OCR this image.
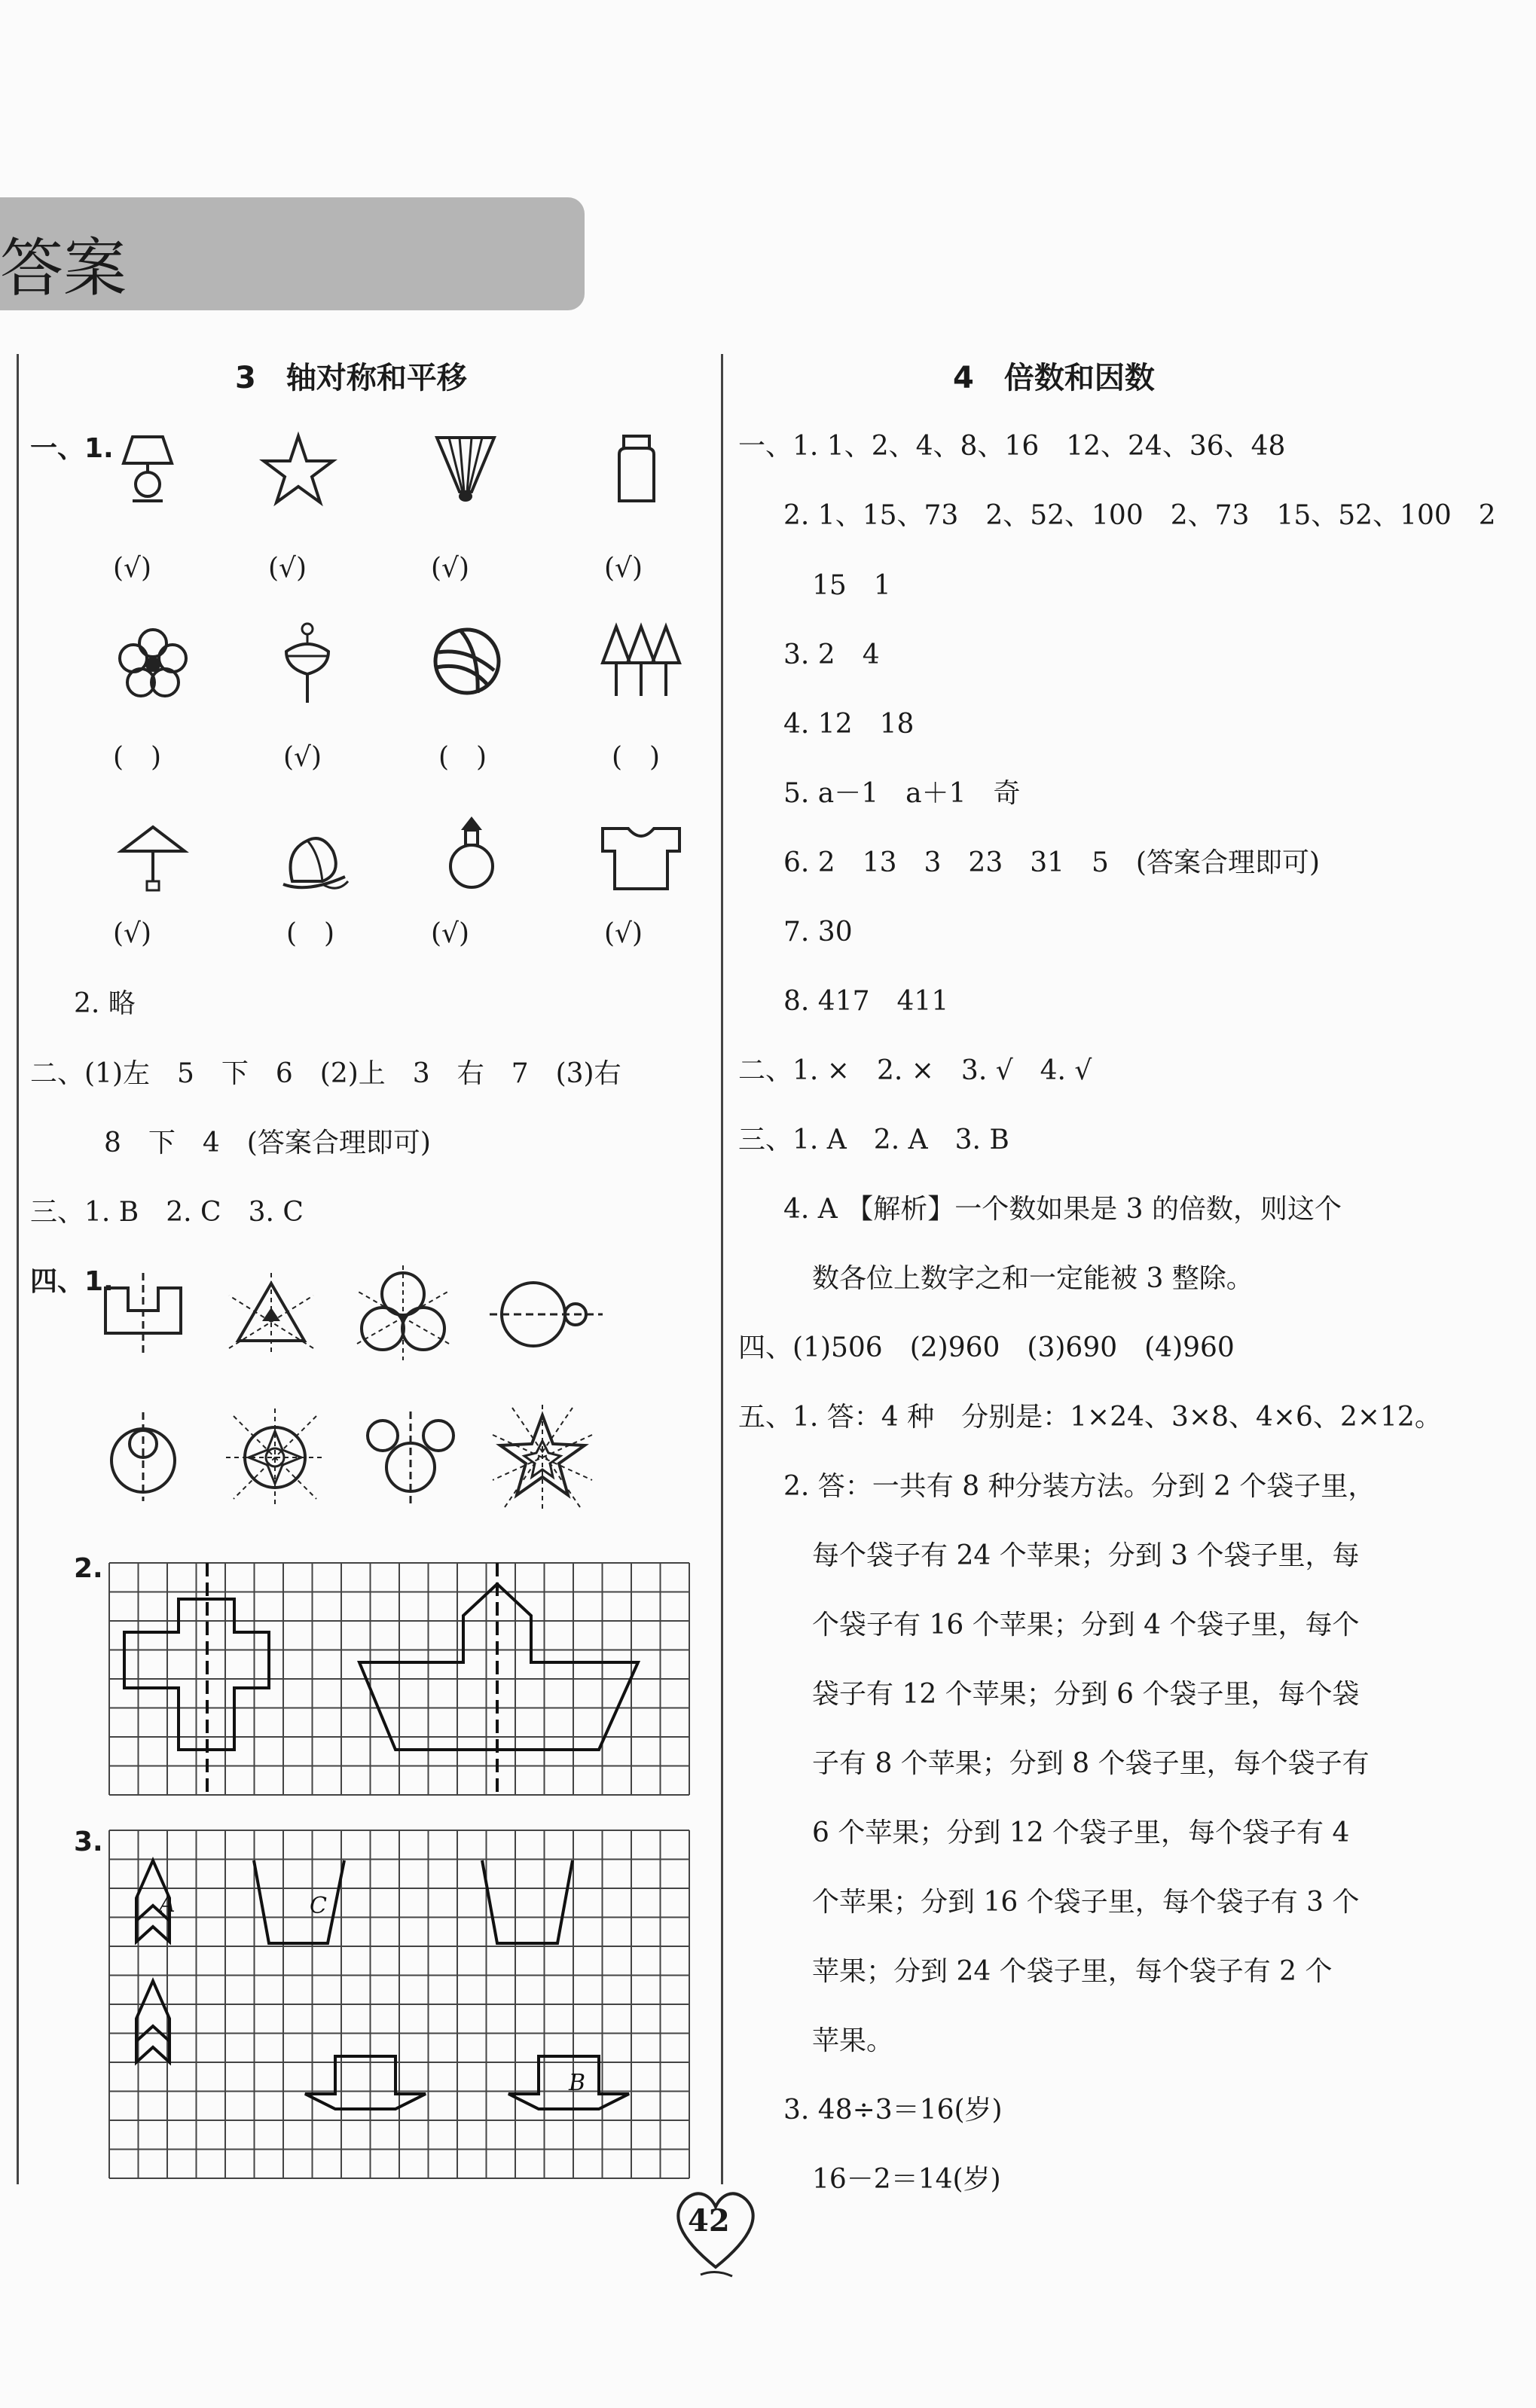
答案
3　轴对称和平移
一、1.
(√)	(√)	(√)	(√)
(　)	(√)	(　)	(　)
(√)	(　)	(√)	(√)
2. 略
二、(1)左　5　下　6　(2)上　3　右　7　(3)右
8　下　4　(答案合理即可)
三、1. B　2. C　3. C
四、1.
2.
3.
A	C
B
4　倍数和因数
一、1. 1、2、4、8、16　12、24、36、48
2. 1、15、73　2、52、100　2、73　15、52、100　2
15　1
3. 2　4
4. 12　18
5. a－1　a＋1　奇
6. 2　13　3　23　31　5　(答案合理即可)
7. 30
8. 417　411
二、1. ×　2. ×　3. √　4. √
三、1. A　2. A　3. B
4. A 【解析】一个数如果是 3 的倍数，则这个
数各位上数字之和一定能被 3 整除。
四、(1)506　(2)960　(3)690　(4)960
五、1. 答：4 种　分别是：1×24、3×8、4×6、2×12。
2. 答：一共有 8 种分装方法。分到 2 个袋子里，
每个袋子有 24 个苹果；分到 3 个袋子里，每
个袋子有 16 个苹果；分到 4 个袋子里，每个
袋子有 12 个苹果；分到 6 个袋子里，每个袋
子有 8 个苹果；分到 8 个袋子里，每个袋子有
6 个苹果；分到 12 个袋子里，每个袋子有 4
个苹果；分到 16 个袋子里，每个袋子有 3 个
苹果；分到 24 个袋子里，每个袋子有 2 个
苹果。
3. 48÷3＝16(岁)
16－2＝14(岁)
42
